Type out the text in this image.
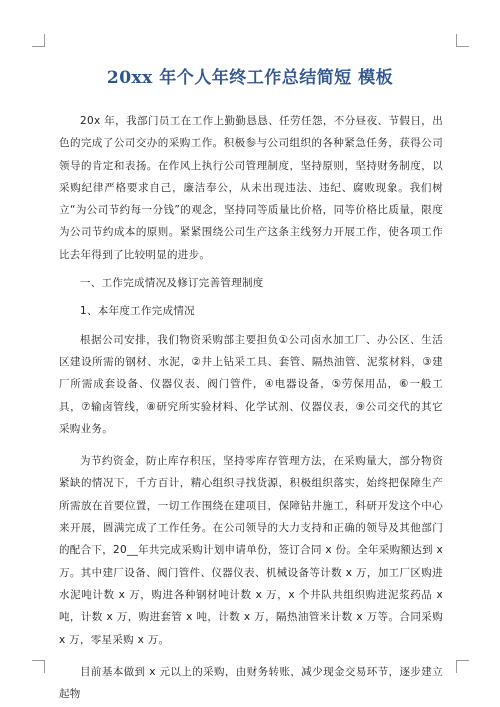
20xx 年个人年终工作总结简短 模板

20x 年，我部门员工在工作上勤勤恳恳、任劳任怨，不分昼夜、节假日，出色的完成了公司交办的采购工作。积极参与公司组织的各种紧急任务，获得公司领导的肯定和表扬。在作风上执行公司管理制度，坚持原则，坚持财务制度，以采购纪律严格要求自己，廉洁奉公，从未出现违法、违纪、腐败现象。我们树立“为公司节约每一分钱”的观念，坚持同等质量比价格，同等价格比质量，限度为公司节约成本的原则。紧紧围绕公司生产这条主线努力开展工作，使各项工作比去年得到了比较明显的进步。

一、工作完成情况及修订完善管理制度

1、本年度工作完成情况

根据公司安排，我们物资采购部主要担负①公司卤水加工厂、办公区、生活区建设所需的钢材、水泥，②井上钻采工具、套管、隔热油管、泥浆材料，③建厂所需成套设备、仪器仪表、阀门管件，④电器设备，⑤劳保用品，⑥一般工具，⑦输卤管线，⑧研究所实验材料、化学试剂、仪器仪表，⑨公司交代的其它采购业务。

为节约资金，防止库存积压，坚持零库存管理方法，在采购量大，部分物资紧缺的情况下，千方百计，精心组织寻找货源，积极组织落实，始终把保障生产所需放在首要位置，一切工作围绕在建项目，保障钻井施工，科研开发这个中心来开展，圆满完成了工作任务。在公司领导的大力支持和正确的领导及其他部门的配合下，20__年共完成采购计划申请单份，签订合同 x 份。全年采购额达到 x 万。其中建厂设备、阀门管件、仪器仪表、机械设备等计数 x 万，加工厂区购进水泥吨计数 x 万，购进各种钢材吨计数 x 万，x 个井队共组织购进泥浆药品 x 吨，计数 x 万，购进套管 x 吨，计数 x 万，隔热油管米计数 x 万等。合同采购 x 万，零星采购 x 万。

目前基本做到 x 元以上的采购，由财务转账，减少现金交易环节，逐步建立起物
